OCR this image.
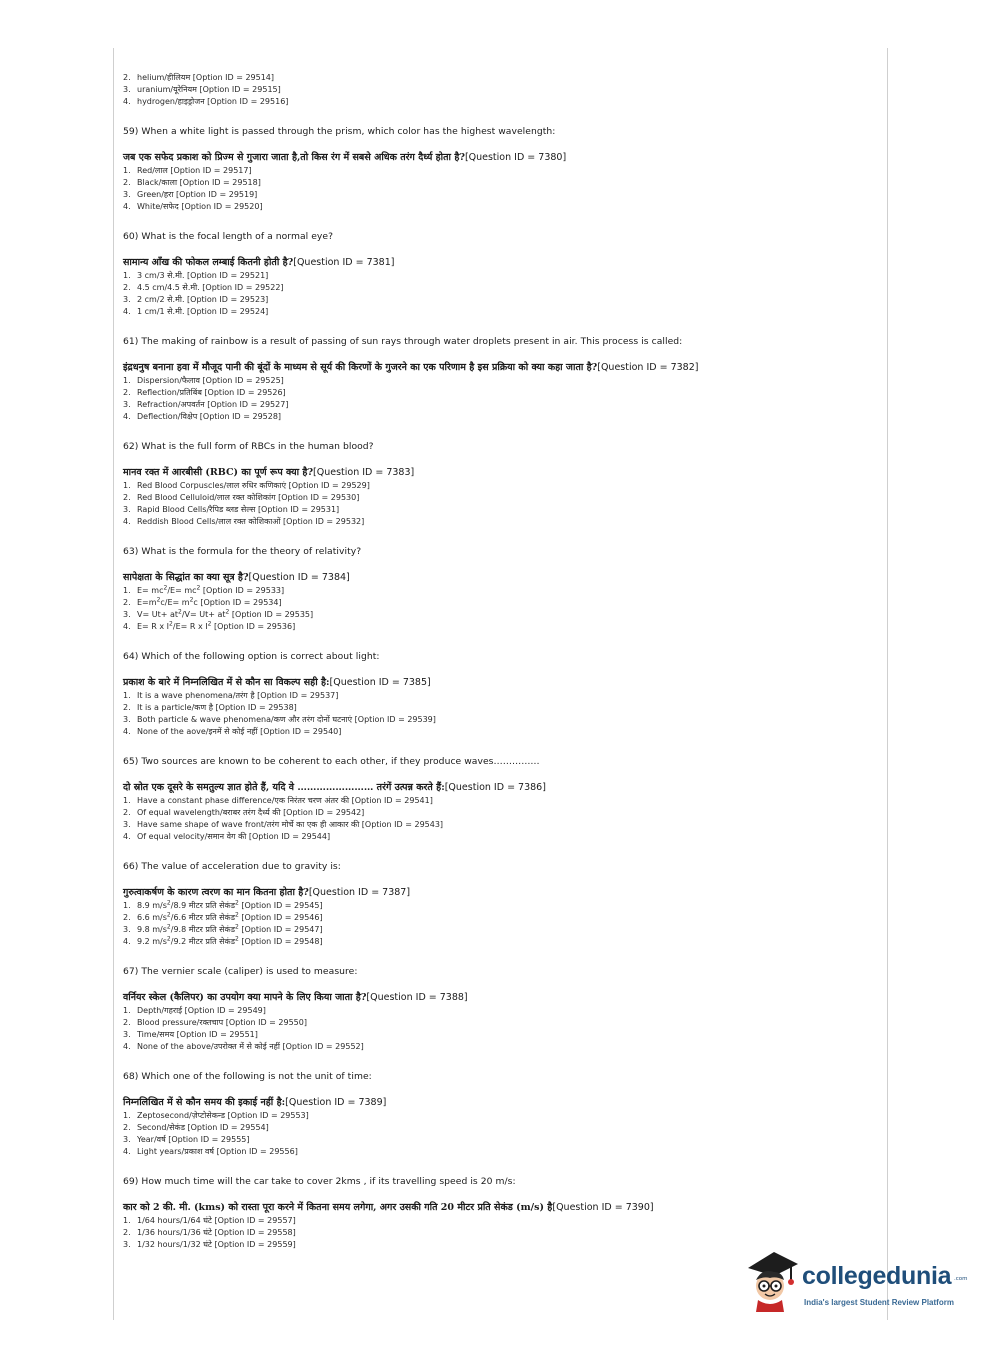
2. helium/हीलियम [Option ID = 29514]
3. uranium/यूरेनियम [Option ID = 29515]
4. hydrogen/हाइड्रोजन [Option ID = 29516]
59) When a white light is passed through the prism, which color has the highest wavelength:
जब एक सफेद प्रकाश को प्रिज्म से गुजारा जाता है,तो किस रंग में सबसे अधिक तरंग दैर्ध्य होता है?[Question ID = 7380]
1. Red/लाल [Option ID = 29517]
2. Black/काला [Option ID = 29518]
3. Green/हरा [Option ID = 29519]
4. White/सफेद [Option ID = 29520]
60) What is the focal length of a normal eye?
सामान्य आँख की फोकल लम्बाई कितनी होती है?[Question ID = 7381]
1. 3 cm/3 से.मी. [Option ID = 29521]
2. 4.5 cm/4.5 से.मी. [Option ID = 29522]
3. 2 cm/2 से.मी. [Option ID = 29523]
4. 1 cm/1 से.मी. [Option ID = 29524]
61) The making of rainbow is a result of passing of sun rays through water droplets present in air. This process is called:
इंद्रधनुष बनाना हवा में मौजूद पानी की बूंदों के माध्यम से सूर्य की किरणों के गुजरने का एक परिणाम है इस प्रक्रिया को क्या कहा जाता है?[Question ID = 7382]
1. Dispersion/फैलाव [Option ID = 29525]
2. Reflection/प्रतिबिंब [Option ID = 29526]
3. Refraction/अपवर्तन [Option ID = 29527]
4. Deflection/विक्षेप [Option ID = 29528]
62) What is the full form of RBCs in the human blood?
मानव रक्त में आरबीसी (RBC) का पूर्ण रूप क्या है?[Question ID = 7383]
1. Red Blood Corpuscles/लाल रुधिर कणिकाएं [Option ID = 29529]
2. Red Blood Celluloid/लाल रक्त कोशिकांग [Option ID = 29530]
3. Rapid Blood Cells/रैपिड ब्लड सेल्स [Option ID = 29531]
4. Reddish Blood Cells/लाल रक्त कोशिकाओं [Option ID = 29532]
63) What is the formula for the theory of relativity?
सापेक्षता के सिद्धांत का क्या सूत्र है?[Question ID = 7384]
1. $E= mc^2/E= mc^2$ [Option ID = 29533]
2. $E=m^2c/E= m^2c$ [Option ID = 29534]
3. $V= Ut+ at^2/V= Ut+ at^2$ [Option ID = 29535]
4. E= R x $I^2/E= R$ x $I^2$ [Option ID = 29536]
64) Which of the following option is correct about light:
प्रकाश के बारे में निम्नलिखित में से कौन सा विकल्प सही है:[Question ID = 7385]
1. It is a wave phenomena/तरंग है [Option ID = 29537]
2. It is a particle/कण है [Option ID = 29538]
3. Both particle & wave phenomena/कण और तरंग दोनों घटनाएं [Option ID = 29539]
4. None of the aove/इनमें से कोई नहीं [Option ID = 29540]
65) Two sources are known to be coherent to each other, if they produce waves……………
दो स्रोत एक दूसरे के समतुल्य ज्ञात होते हैं, यदि वे …………………… तरंगें उत्पन्न करते हैं:[Question ID = 7386]
1. Have a constant phase difference/एक निरंतर चरण अंतर की [Option ID = 29541]
2. Of equal wavelength/बराबर तरंग दैर्ध्य की [Option ID = 29542]
3. Have same shape of wave front/तरंग मोर्चे का एक ही आकार की [Option ID = 29543]
4. Of equal velocity/समान वेग की [Option ID = 29544]
66) The value of acceleration due to gravity is:
गुरुत्वाकर्षण के कारण त्वरण का मान कितना होता है?[Question ID = 7387]
1. 8.9 $m/s^2/8.9$ मीटर प्रति सेकंड$^2$ [Option ID = 29545]
2. 6.6 $m/s^2/6.6$ मीटर प्रति सेकंड$^2$ [Option ID = 29546]
3. 9.8 $m/s^2/9.8$ मीटर प्रति सेकंड$^2$ [Option ID = 29547]
4. 9.2 $m/s^2/9.2$ मीटर प्रति सेकंड$^2$ [Option ID = 29548]
67) The vernier scale (caliper) is used to measure:
वर्नियर स्केल (कैलिपर) का उपयोग क्या मापने के लिए किया जाता है?[Question ID = 7388]
1. Depth/गहराई [Option ID = 29549]
2. Blood pressure/रक्तचाप [Option ID = 29550]
3. Time/समय [Option ID = 29551]
4. None of the above/उपरोक्त में से कोई नहीं [Option ID = 29552]
68) Which one of the following is not the unit of time:
निम्नलिखित में से कौन समय की इकाई नहीं है:[Question ID = 7389]
1. Zeptosecond/ज़ेप्टोसेकन्ड [Option ID = 29553]
2. Second/सेकंड [Option ID = 29554]
3. Year/वर्ष [Option ID = 29555]
4. Light years/प्रकाश वर्ष [Option ID = 29556]
69) How much time will the car take to cover 2kms , if its travelling speed is 20 m/s:
कार को 2 की. मी. (kms) को रास्ता पूरा करने में कितना समय लगेगा, अगर उसकी गति 20 मीटर प्रति सेकंड (m/s) है[Question ID = 7390]
1. 1/64 hours/1/64 घंटे [Option ID = 29557]
2. 1/36 hours/1/36 घंटे [Option ID = 29558]
3. 1/32 hours/1/32 घंटे [Option ID = 29559]
collegedunia .com
India's largest Student Review Platform
